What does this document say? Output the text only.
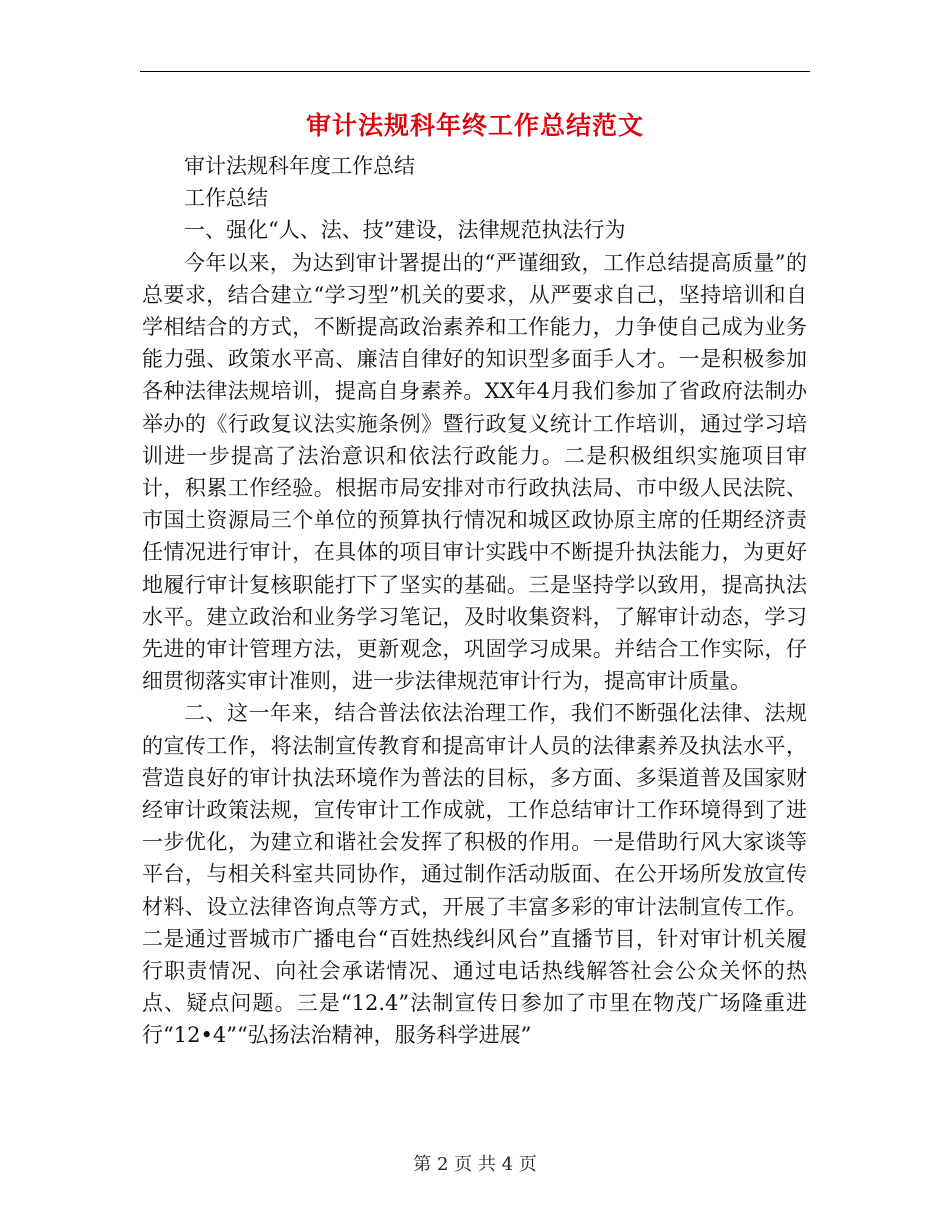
审计法规科年终工作总结范文

审计法规科年度工作总结

工作总结

一、强化“人、法、技”建设，法律规范执法行为

今年以来，为达到审计署提出的“严谨细致，工作总结提高质量”的总要求，结合建立“学习型”机关的要求，从严要求自己，坚持培训和自学相结合的方式，不断提高政治素养和工作能力，力争使自己成为业务能力强、政策水平高、廉洁自律好的知识型多面手人才。一是积极参加各种法律法规培训，提高自身素养。XX年4月我们参加了省政府法制办举办的《行政复议法实施条例》暨行政复义统计工作培训，通过学习培训进一步提高了法治意识和依法行政能力。二是积极组织实施项目审计，积累工作经验。根据市局安排对市行政执法局、市中级人民法院、市国土资源局三个单位的预算执行情况和城区政协原主席的任期经济责任情况进行审计，在具体的项目审计实践中不断提升执法能力，为更好地履行审计复核职能打下了坚实的基础。三是坚持学以致用，提高执法水平。建立政治和业务学习笔记，及时收集资料，了解审计动态，学习先进的审计管理方法，更新观念，巩固学习成果。并结合工作实际，仔细贯彻落实审计准则，进一步法律规范审计行为，提高审计质量。

二、这一年来，结合普法依法治理工作，我们不断强化法律、法规的宣传工作，将法制宣传教育和提高审计人员的法律素养及执法水平，营造良好的审计执法环境作为普法的目标，多方面、多渠道普及国家财经审计政策法规，宣传审计工作成就，工作总结审计工作环境得到了进一步优化，为建立和谐社会发挥了积极的作用。一是借助行风大家谈等平台，与相关科室共同协作，通过制作活动版面、在公开场所发放宣传材料、设立法律咨询点等方式，开展了丰富多彩的审计法制宣传工作。二是通过晋城市广播电台“百姓热线纠风台”直播节目，针对审计机关履行职责情况、向社会承诺情况、通过电话热线解答社会公众关怀的热点、疑点问题。三是“12.4”法制宣传日参加了市里在物茂广场隆重进行“12•4”“弘扬法治精神，服务科学进展”

第 2 页 共 4 页
